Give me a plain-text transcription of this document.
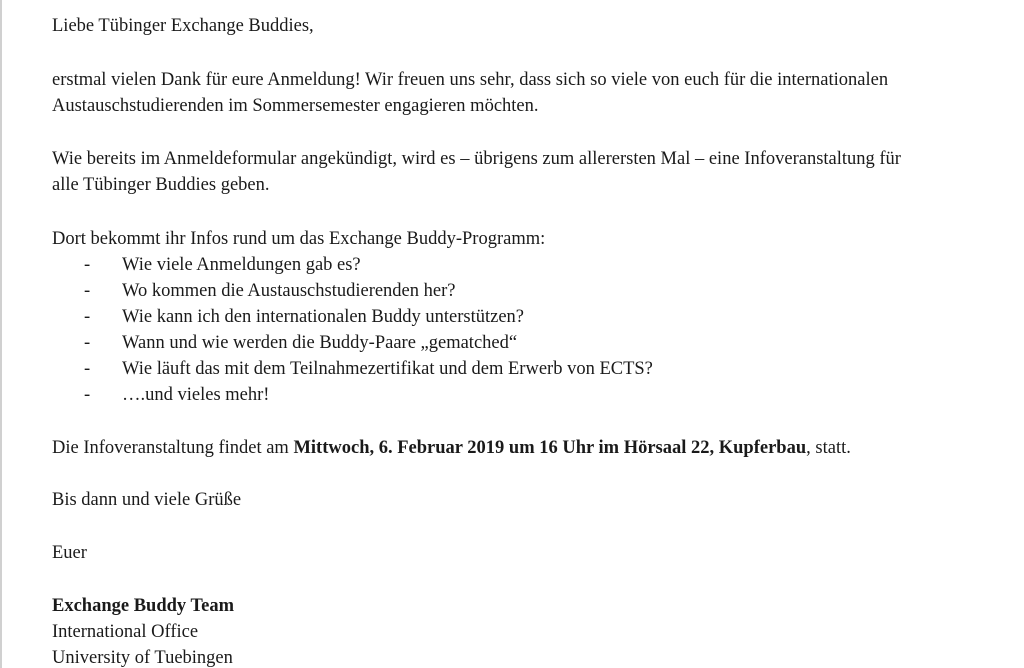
Liebe Tübinger Exchange Buddies,
erstmal vielen Dank für eure Anmeldung! Wir freuen uns sehr, dass sich so viele von euch für die internationalen
Austauschstudierenden im Sommersemester engagieren möchten.
Wie bereits im Anmeldeformular angekündigt, wird es – übrigens zum allerersten Mal – eine Infoveranstaltung für
alle Tübinger Buddies geben.
Dort bekommt ihr Infos rund um das Exchange Buddy-Programm:
- Wie viele Anmeldungen gab es?
- Wo kommen die Austauschstudierenden her?
- Wie kann ich den internationalen Buddy unterstützen?
- Wann und wie werden die Buddy-Paare „gematched“
- Wie läuft das mit dem Teilnahmezertifikat und dem Erwerb von ECTS?
- ….und vieles mehr!
Die Infoveranstaltung findet am Mittwoch, 6. Februar 2019 um 16 Uhr im Hörsaal 22, Kupferbau, statt.
Bis dann und viele Grüße
Euer
Exchange Buddy Team
International Office
University of Tuebingen
